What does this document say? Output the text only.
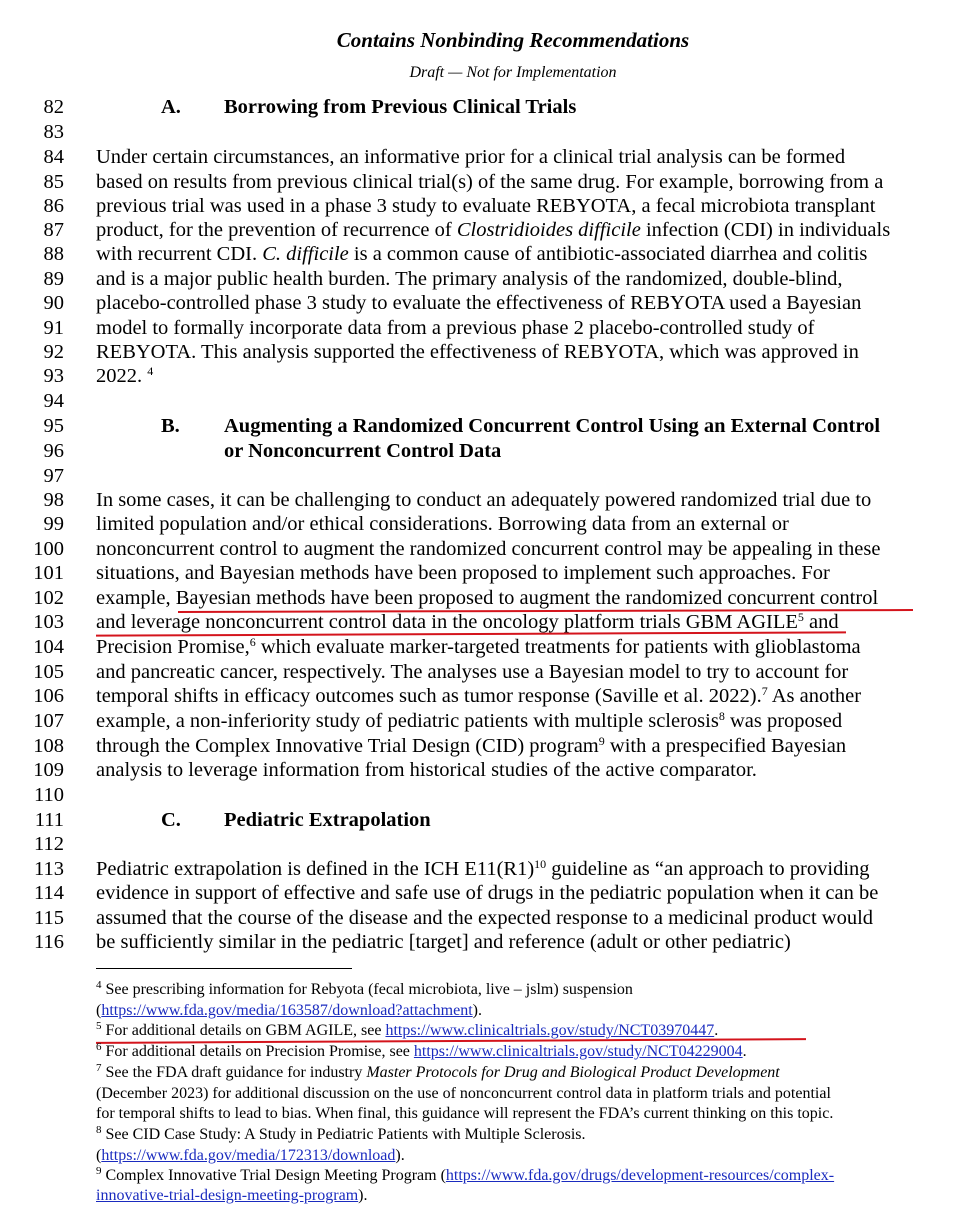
Contains Nonbinding Recommendations
Draft — Not for Implementation
82	A. Borrowing from Previous Clinical Trials
83
84 Under certain circumstances, an informative prior for a clinical trial analysis can be formed
85 based on results from previous clinical trial(s) of the same drug. For example, borrowing from a
86 previous trial was used in a phase 3 study to evaluate REBYOTA, a fecal microbiota transplant
87 product, for the prevention of recurrence of Clostridioides difficile infection (CDI) in individuals
88 with recurrent CDI. C. difficile is a common cause of antibiotic-associated diarrhea and colitis
89 and is a major public health burden. The primary analysis of the randomized, double-blind,
90 placebo-controlled phase 3 study to evaluate the effectiveness of REBYOTA used a Bayesian
91 model to formally incorporate data from a previous phase 2 placebo-controlled study of
92 REBYOTA. This analysis supported the effectiveness of REBYOTA, which was approved in
93 2022. $^4$
94
95	B. Augmenting a Randomized Concurrent Control Using an External Control
96	or Nonconcurrent Control Data
97
98 In some cases, it can be challenging to conduct an adequately powered randomized trial due to
99 limited population and/or ethical considerations. Borrowing data from an external or
100 nonconcurrent control to augment the randomized concurrent control may be appealing in these
101 situations, and Bayesian methods have been proposed to implement such approaches. For
102 example, Bayesian methods have been proposed to augment the randomized concurrent control
103 and leverage nonconcurrent control data in the oncology platform trials GBM AGILE$^5$ and
104 Precision Promise,$^6$ which evaluate marker-targeted treatments for patients with glioblastoma
105 and pancreatic cancer, respectively. The analyses use a Bayesian model to try to account for
106 temporal shifts in efficacy outcomes such as tumor response (Saville et al. 2022).$^7$ As another
107 example, a non-inferiority study of pediatric patients with multiple sclerosis$^8$ was proposed
108 through the Complex Innovative Trial Design (CID) program$^9$ with a prespecified Bayesian
109 analysis to leverage information from historical studies of the active comparator.
110
111	C. Pediatric Extrapolation
112
113 Pediatric extrapolation is defined in the ICH $E11(R1)^{10}$ guideline as “an approach to providing
114 evidence in support of effective and safe use of drugs in the pediatric population when it can be
115 assumed that the course of the disease and the expected response to a medicinal product would
116 be sufficiently similar in the pediatric [target] and reference (adult or other pediatric)
$^4$ See prescribing information for Rebyota (fecal microbiota, live – jslm) suspension
(https://www.fda.gov/media/163587/download?attachment).
$^5$ For additional details on GBM AGILE, see https://www.clinicaltrials.gov/study/NCT03970447.
$^6$ For additional details on Precision Promise, see https://www.clinicaltrials.gov/study/NCT04229004.
$^7$ See the FDA draft guidance for industry Master Protocols for Drug and Biological Product Development
(December 2023) for additional discussion on the use of nonconcurrent control data in platform trials and potential
for temporal shifts to lead to bias. When final, this guidance will represent the FDA’s current thinking on this topic.
$^8$ See CID Case Study: A Study in Pediatric Patients with Multiple Sclerosis.
(https://www.fda.gov/media/172313/download).
$^9$ Complex Innovative Trial Design Meeting Program (https://www.fda.gov/drugs/development-resources/complex-
innovative-trial-design-meeting-program).
